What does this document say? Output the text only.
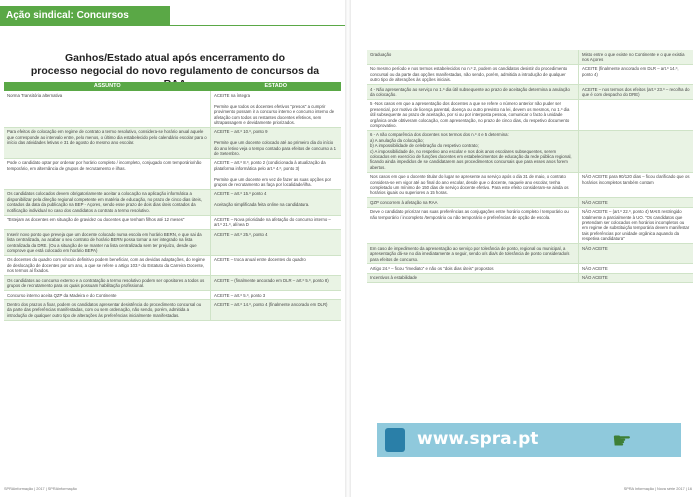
Ação sindical: Concursos
Ganhos/Estado atual após encerramento do
processo negocial do novo regulamento de concursos da
ASSUNTO	ESTADO
Norma Transitória alternativa	ACEITE na íntegra

Permite que todos os docentes efetivos "presos" a cumprir provimento possam ir a concurso interno e concurso interno de afetação com todos os restantes docentes efetivos, sem ultrapassagem e devidamente priorizados.
Para efeitos de colocação em regime de contrato a termo resolutivo, considera-se horário anual aquele que corresponde ao intervalo entre, pelo menos, o último dia estabelecido pelo calendário escolar para o início das atividades letivas e 31 de agosto do mesmo ano escolar.	ACEITE – art.º 10.º, ponto 9

Permite que um docente colocado até ao primeiro dia do início do ano letivo veja o tempo contado para efeitos de concurso a 1 de Setembro.
Pode o candidato optar por ordenar por horário completo / incompleto, conjugado com temporário/não temporário, em alternância de grupos de recrutamento e ilhas.	ACEITE – art.º 8.º, ponto 2 (condicionada à atualização da plataforma informática pelo art.º 4.º, ponto 3)

Permite que um docente em vez de fazer as suas opções por grupos de recrutamento as faça por localidade/ilha.
Os candidatos colocados devem obrigatoriamente aceitar a colocação na aplicação informática a disponibilizar pela direção regional competente em matéria de educação, no prazo de cinco dias úteis, contados da data da publicação na BEP - Açores, sendo esse prazo de dois dias úteis contados da notificação individual no caso dos candidatos a contrato a termo resolutivo.	ACEITE – art.º 15.º ponto 4

Aceitação simplificada feita online na candidatura.
"Estejam as docentes em situação de gravidez ou docentes que tenham filhos até 12 meses"	ACEITE – Nova prioridade na afetação do concurso interno – art.º 21.º, alínea D
Inserir novo ponto que preveja que um docente colocado numa escola em horário BERN, e que sai da lista centralizada, ao acabar o seu contrato de horário BERN possa tornar a ser integrado na lista centralizada da DRE. (Ou a situação de se manter na lista centralizada sem ter prejuízo, desde que comprove que está colocado em horário BEPA)	ACEITE – art.º 25.º, ponto 4
Os docentes do quadro com vínculo definitivo podem beneficiar, com as devidas adaptações, do regime de deslocação de docentes por um ano, a que se refere o artigo 103.º do Estatuto da Carreira Docente, nos termos aí fixados.	ACEITE – troca anual entre docentes do quadro
Os candidatos ao concurso externo e a contratação a termo resolutivo podem ser opositores a todos os grupos de recrutamento para os quais possuam habilitação profissional.	ACEITE – (finalmente ancorado em DLR – art.º 5.º, ponto 8)
Concurso interno aceita QZP da Madeira e do Continente	ACEITE – art.º 5.º, ponto 3
Dentro dos prazos a fixar, podem os candidatos apresentar desistência do procedimento concursal ou da parte das preferências manifestadas, com ou sem ordenação, não sendo, porém, admitida a introdução de qualquer outro tipo de alterações às preferências inicialmente manifestadas.	ACEITE – art.º 14.º, ponto 4 (finalmente ancorado em DLR)
SPRAinformação | 2017 | SPRAinformação
Graduação	Misto entre o que existe no Continente e o que existia nos Açores
No mesmo período e nos termos estabelecidos no n.º 2, podem os candidatos desistir do procedimento concursal ou da parte das opções manifestadas, não sendo, porém, admitida a introdução de qualquer outro tipo de alterações às opções iniciais.	ACEITE (finalmente ancorado em DLR – art.º 14.º, ponto 4)
4 - Não apresentação ao serviço no 1.º dia útil subsequente ao prazo de aceitação determina a anulação da colocação.	ACEITE – nos termos dos efeitos (art.º 23.º – recolha do que é com despacho do DRE)
5 -Nos casos em que a apresentação dos docentes a que se refere o número anterior não puder ser presencial, por motivo de licença parental, doença ou outro previsto na lei, devem os mesmos, no 1.º dia útil subsequente ao prazo de aceitação, por si ou por interposta pessoa, comunicar o facto à unidade orgânica onde obtiveram colocação, com apresentação, no prazo de cinco dias, do respetivo documento comprovativo.	
6 - A não comparência dos docentes nos termos dos n.º 4 e 5 determina:
a) A anulação da colocação;
b) A impossibilidade de celebração do respetivo contrato;
c) A impossibilidade de, no respetivo ano escolar e nos dois anos escolares subsequentes, serem colocados em exercício de funções docentes em estabelecimentos de educação da rede pública regional, ficando ainda impedidos de se candidatarem aos procedimentos concursais que para esses anos forem abertos.	
Nos casos em que o docente titular do lugar se apresente ao serviço após o dia 31 de maio, o contrato considera-se em vigor até ao final do ano escolar, desde que o docente, naquele ano escolar, tenha completado um mínimo de 150 dias de serviço docente efetivo. Para este efeito consideram-se ainda os horários iguais ou superiores a 15 horas.	NÃO ACEITE para 90/120 dias – ficou clarificado que os horários incompletos também contam
QZP concorrem à afetação na RAA	NÃO ACEITE
Deve o candidato priorizar nas suas preferências as conjugações entre horário completo / temporário ou não temporário / incompleto /temporário ou não temporário e preferências de opção de escola.	NÃO ACEITE – (art.º 22.º, ponto 4) MAIS restringido totalmente a parcialmente à UO. "Os candidatos que pretendam ser colocados em horários incompletos ou em regime de substituição temporária devem manifestar tais preferências por unidade orgânica aquando da respetiva candidatura"
Em caso de impedimento da apresentação ao serviço por tolerância de ponto, regional ou municipal, a apresentação dá-se no dia imediatamente a seguir, sendo o/s dia/s de tolerância de ponto considerado/s para efeitos de concurso.	NÃO ACEITE
Artigo 24.º – ficou "imediato" e não os "dois dias úteis" propostos	NÃO ACEITE
Incentivos à estabilidade	NÃO ACEITE
www.spra.pt	☛
SPRA Informação | Nova série 2017 | 16
